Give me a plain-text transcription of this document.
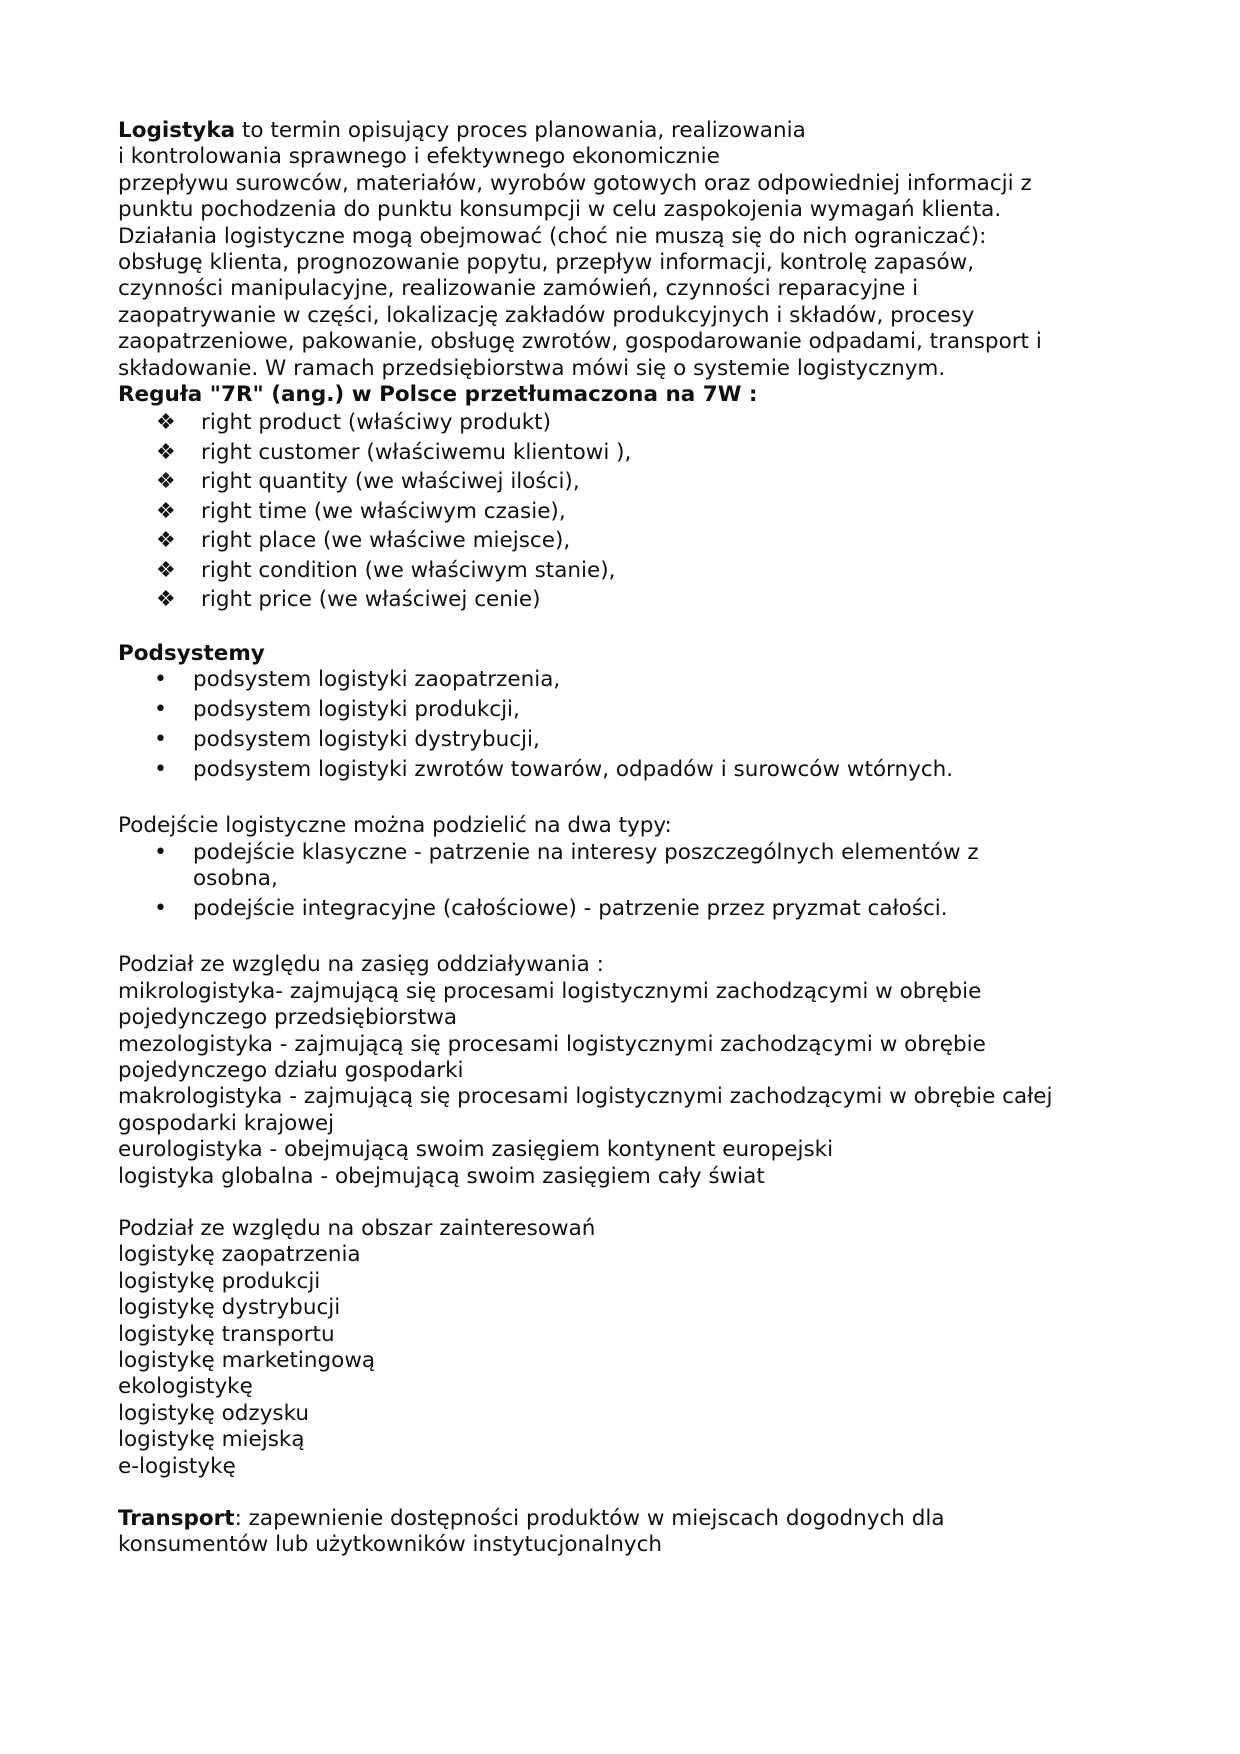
Logistyka to termin opisujący proces planowania, realizowania

i kontrolowania sprawnego i efektywnego ekonomicznie

przepływu surowców, materiałów, wyrobów gotowych oraz odpowiedniej informacji z

punktu pochodzenia do punktu konsumpcji w celu zaspokojenia wymagań klienta.

Działania logistyczne mogą obejmować (choć nie muszą się do nich ograniczać):

obsługę klienta, prognozowanie popytu, przepływ informacji, kontrolę zapasów,

czynności manipulacyjne, realizowanie zamówień, czynności reparacyjne i

zaopatrywanie w części, lokalizację zakładów produkcyjnych i składów, procesy

zaopatrzeniowe, pakowanie, obsługę zwrotów, gospodarowanie odpadami, transport i

składowanie. W ramach przedsiębiorstwa mówi się o systemie logistycznym.

Reguła "7R" (ang.) w Polsce przetłumaczona na 7W :

❖ right product (właściwy produkt)
❖ right customer (właściwemu klientowi ),
❖ right quantity (we właściwej ilości),
❖ right time (we właściwym czasie),
❖ right place (we właściwe miejsce),
❖ right condition (we właściwym stanie),
❖ right price (we właściwej cenie)

Podsystemy

• podsystem logistyki zaopatrzenia,
• podsystem logistyki produkcji,
• podsystem logistyki dystrybucji,
• podsystem logistyki zwrotów towarów, odpadów i surowców wtórnych.

Podejście logistyczne można podzielić na dwa typy:

• podejście klasyczne - patrzenie na interesy poszczególnych elementów z osobna,
• podejście integracyjne (całościowe) - patrzenie przez pryzmat całości.

Podział ze względu na zasięg oddziaływania :

mikrologistyka- zajmującą się procesami logistycznymi zachodzącymi w obrębie

pojedynczego przedsiębiorstwa

mezologistyka - zajmującą się procesami logistycznymi zachodzącymi w obrębie

pojedynczego działu gospodarki

makrologistyka - zajmującą się procesami logistycznymi zachodzącymi w obrębie całej

gospodarki krajowej

eurologistyka - obejmującą swoim zasięgiem kontynent europejski

logistyka globalna - obejmującą swoim zasięgiem cały świat

Podział ze względu na obszar zainteresowań

logistykę zaopatrzenia

logistykę produkcji

logistykę dystrybucji

logistykę transportu

logistykę marketingową

ekologistykę

logistykę odzysku

logistykę miejską

e-logistykę

Transport: zapewnienie dostępności produktów w miejscach dogodnych dla

konsumentów lub użytkowników instytucjonalnych
